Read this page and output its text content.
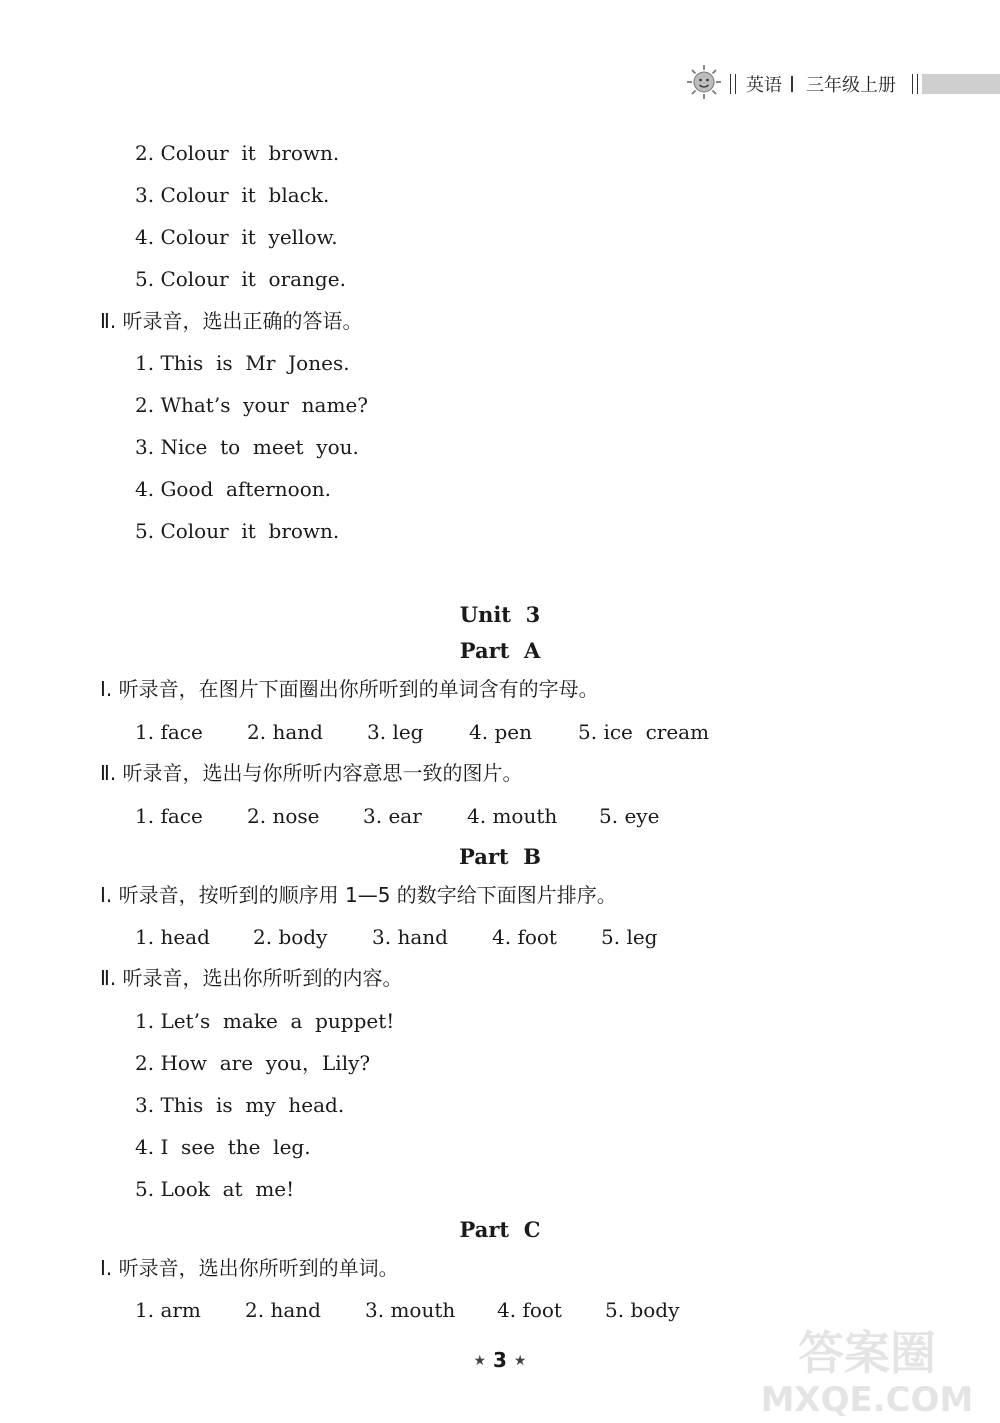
英语 三年级上册
2. Colour  it  brown.
3. Colour  it  black.
4. Colour  it  yellow.
5. Colour  it  orange.
Ⅱ. 听录音，选出正确的答语。
1. This  is  Mr  Jones.
2. What’s  your  name?
3. Nice  to  meet  you.
4. Good  afternoon.
5. Colour  it  brown.
Unit  3
Part  A
Ⅰ. 听录音，在图片下面圈出你所听到的单词含有的字母。
1. face 2. hand 3. leg 4. pen 5. ice  cream
Ⅱ. 听录音，选出与你所听内容意思一致的图片。
1. face 2. nose 3. ear 4. mouth 5. eye
Part  B
Ⅰ. 听录音，按听到的顺序用 1—5 的数字给下面图片排序。
1. head 2. body 3. hand 4. foot 5. leg
Ⅱ. 听录音，选出你所听到的内容。
1. Let’s  make  a  puppet!
2. How  are  you，Lily?
3. This  is  my  head.
4. I  see  the  leg.
5. Look  at  me!
Part  C
Ⅰ. 听录音，选出你所听到的单词。
1. arm 2. hand 3. mouth 4. foot 5. body
★ 3 ★	答案圈
MXQE.COM
